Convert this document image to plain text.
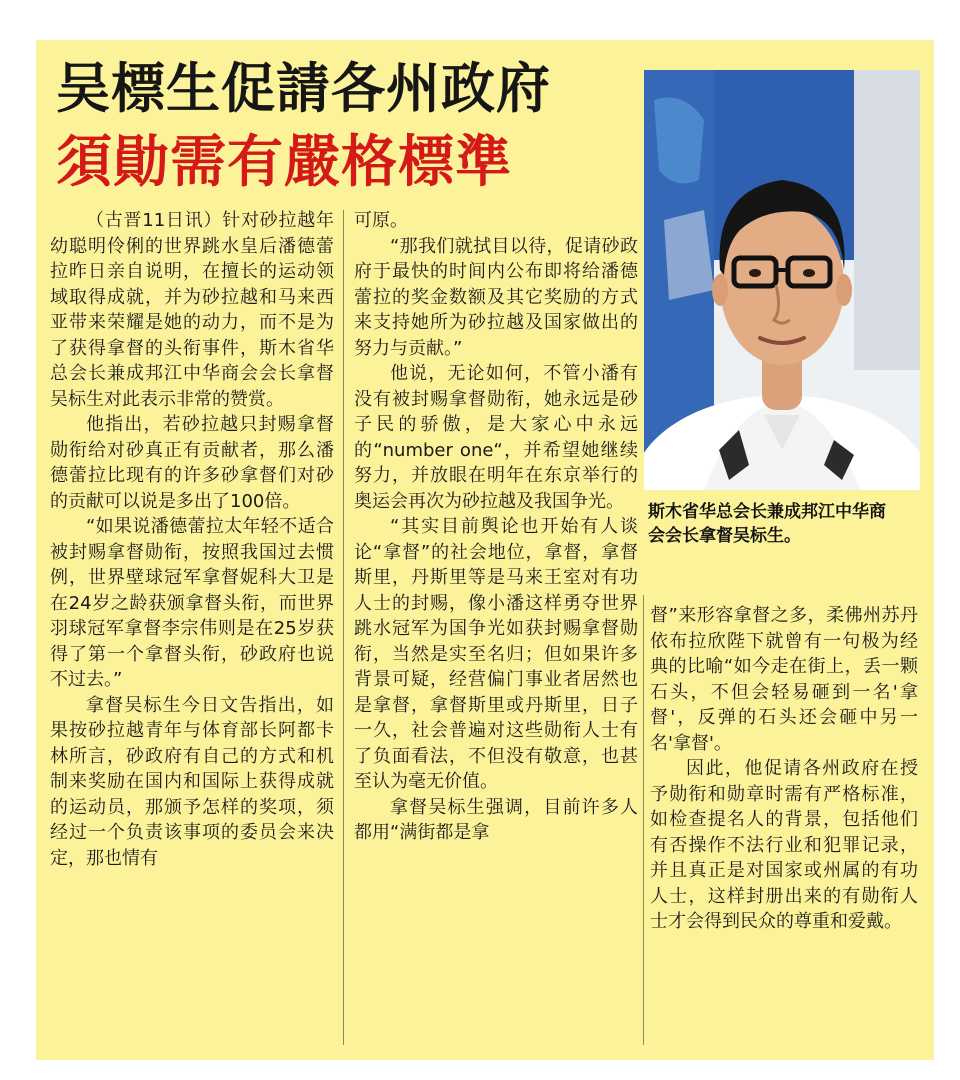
吴標生促請各州政府
須勛需有嚴格標準
斯木省华总会长兼成邦江中华商会会长拿督吴标生。

（古晋11日讯）针对砂拉越年幼聪明伶俐的世界跳水皇后潘德蕾拉昨日亲自说明，在擅长的运动领域取得成就，并为砂拉越和马来西亚带来荣耀是她的动力，而不是为了获得拿督的头衔事件，斯木省华总会长兼成邦江中华商会会长拿督吴标生对此表示非常的赞赏。

他指出，若砂拉越只封赐拿督勋衔给对砂真正有贡献者，那么潘德蕾拉比现有的许多砂拿督们对砂的贡献可以说是多出了100倍。

“如果说潘德蕾拉太年轻不适合被封赐拿督勋衔，按照我国过去惯例，世界壁球冠军拿督妮科大卫是在24岁之龄获颁拿督头衔，而世界羽球冠军拿督李宗伟则是在25岁获得了第一个拿督头衔，砂政府也说不过去。”

拿督吴标生今日文告指出，如果按砂拉越青年与体育部长阿都卡林所言，砂政府有自己的方式和机制来奖励在国内和国际上获得成就的运动员，那颁予怎样的奖项，须经过一个负责该事项的委员会来决定，那也情有

可原。

“那我们就拭目以待，促请砂政府于最快的时间内公布即将给潘德蕾拉的奖金数额及其它奖励的方式来支持她所为砂拉越及国家做出的努力与贡献。”

他说，无论如何，不管小潘有没有被封赐拿督勋衔，她永远是砂子民的骄傲，是大家心中永远的“number one“，并希望她继续努力，并放眼在明年在东京举行的奥运会再次为砂拉越及我国争光。

“其实目前舆论也开始有人谈论“拿督”的社会地位，拿督，拿督斯里，丹斯里等是马来王室对有功人士的封赐，像小潘这样勇夺世界跳水冠军为国争光如获封赐拿督勋衔，当然是实至名归；但如果许多背景可疑，经营偏门事业者居然也是拿督，拿督斯里或丹斯里，日子一久，社会普遍对这些勋衔人士有了负面看法，不但没有敬意，也甚至认为毫无价值。

拿督吴标生强调，目前许多人都用“满街都是拿

督”来形容拿督之多，柔佛州苏丹依布拉欣陛下就曾有一句极为经典的比喻“如今走在街上，丢一颗石头，不但会轻易砸到一名'拿督'，反弹的石头还会砸中另一名'拿督'。

因此，他促请各州政府在授予勋衔和勋章时需有严格标准，如检查提名人的背景，包括他们有否操作不法行业和犯罪记录，并且真正是对国家或州属的有功人士，这样封册出来的有勋衔人士才会得到民众的尊重和爱戴。
